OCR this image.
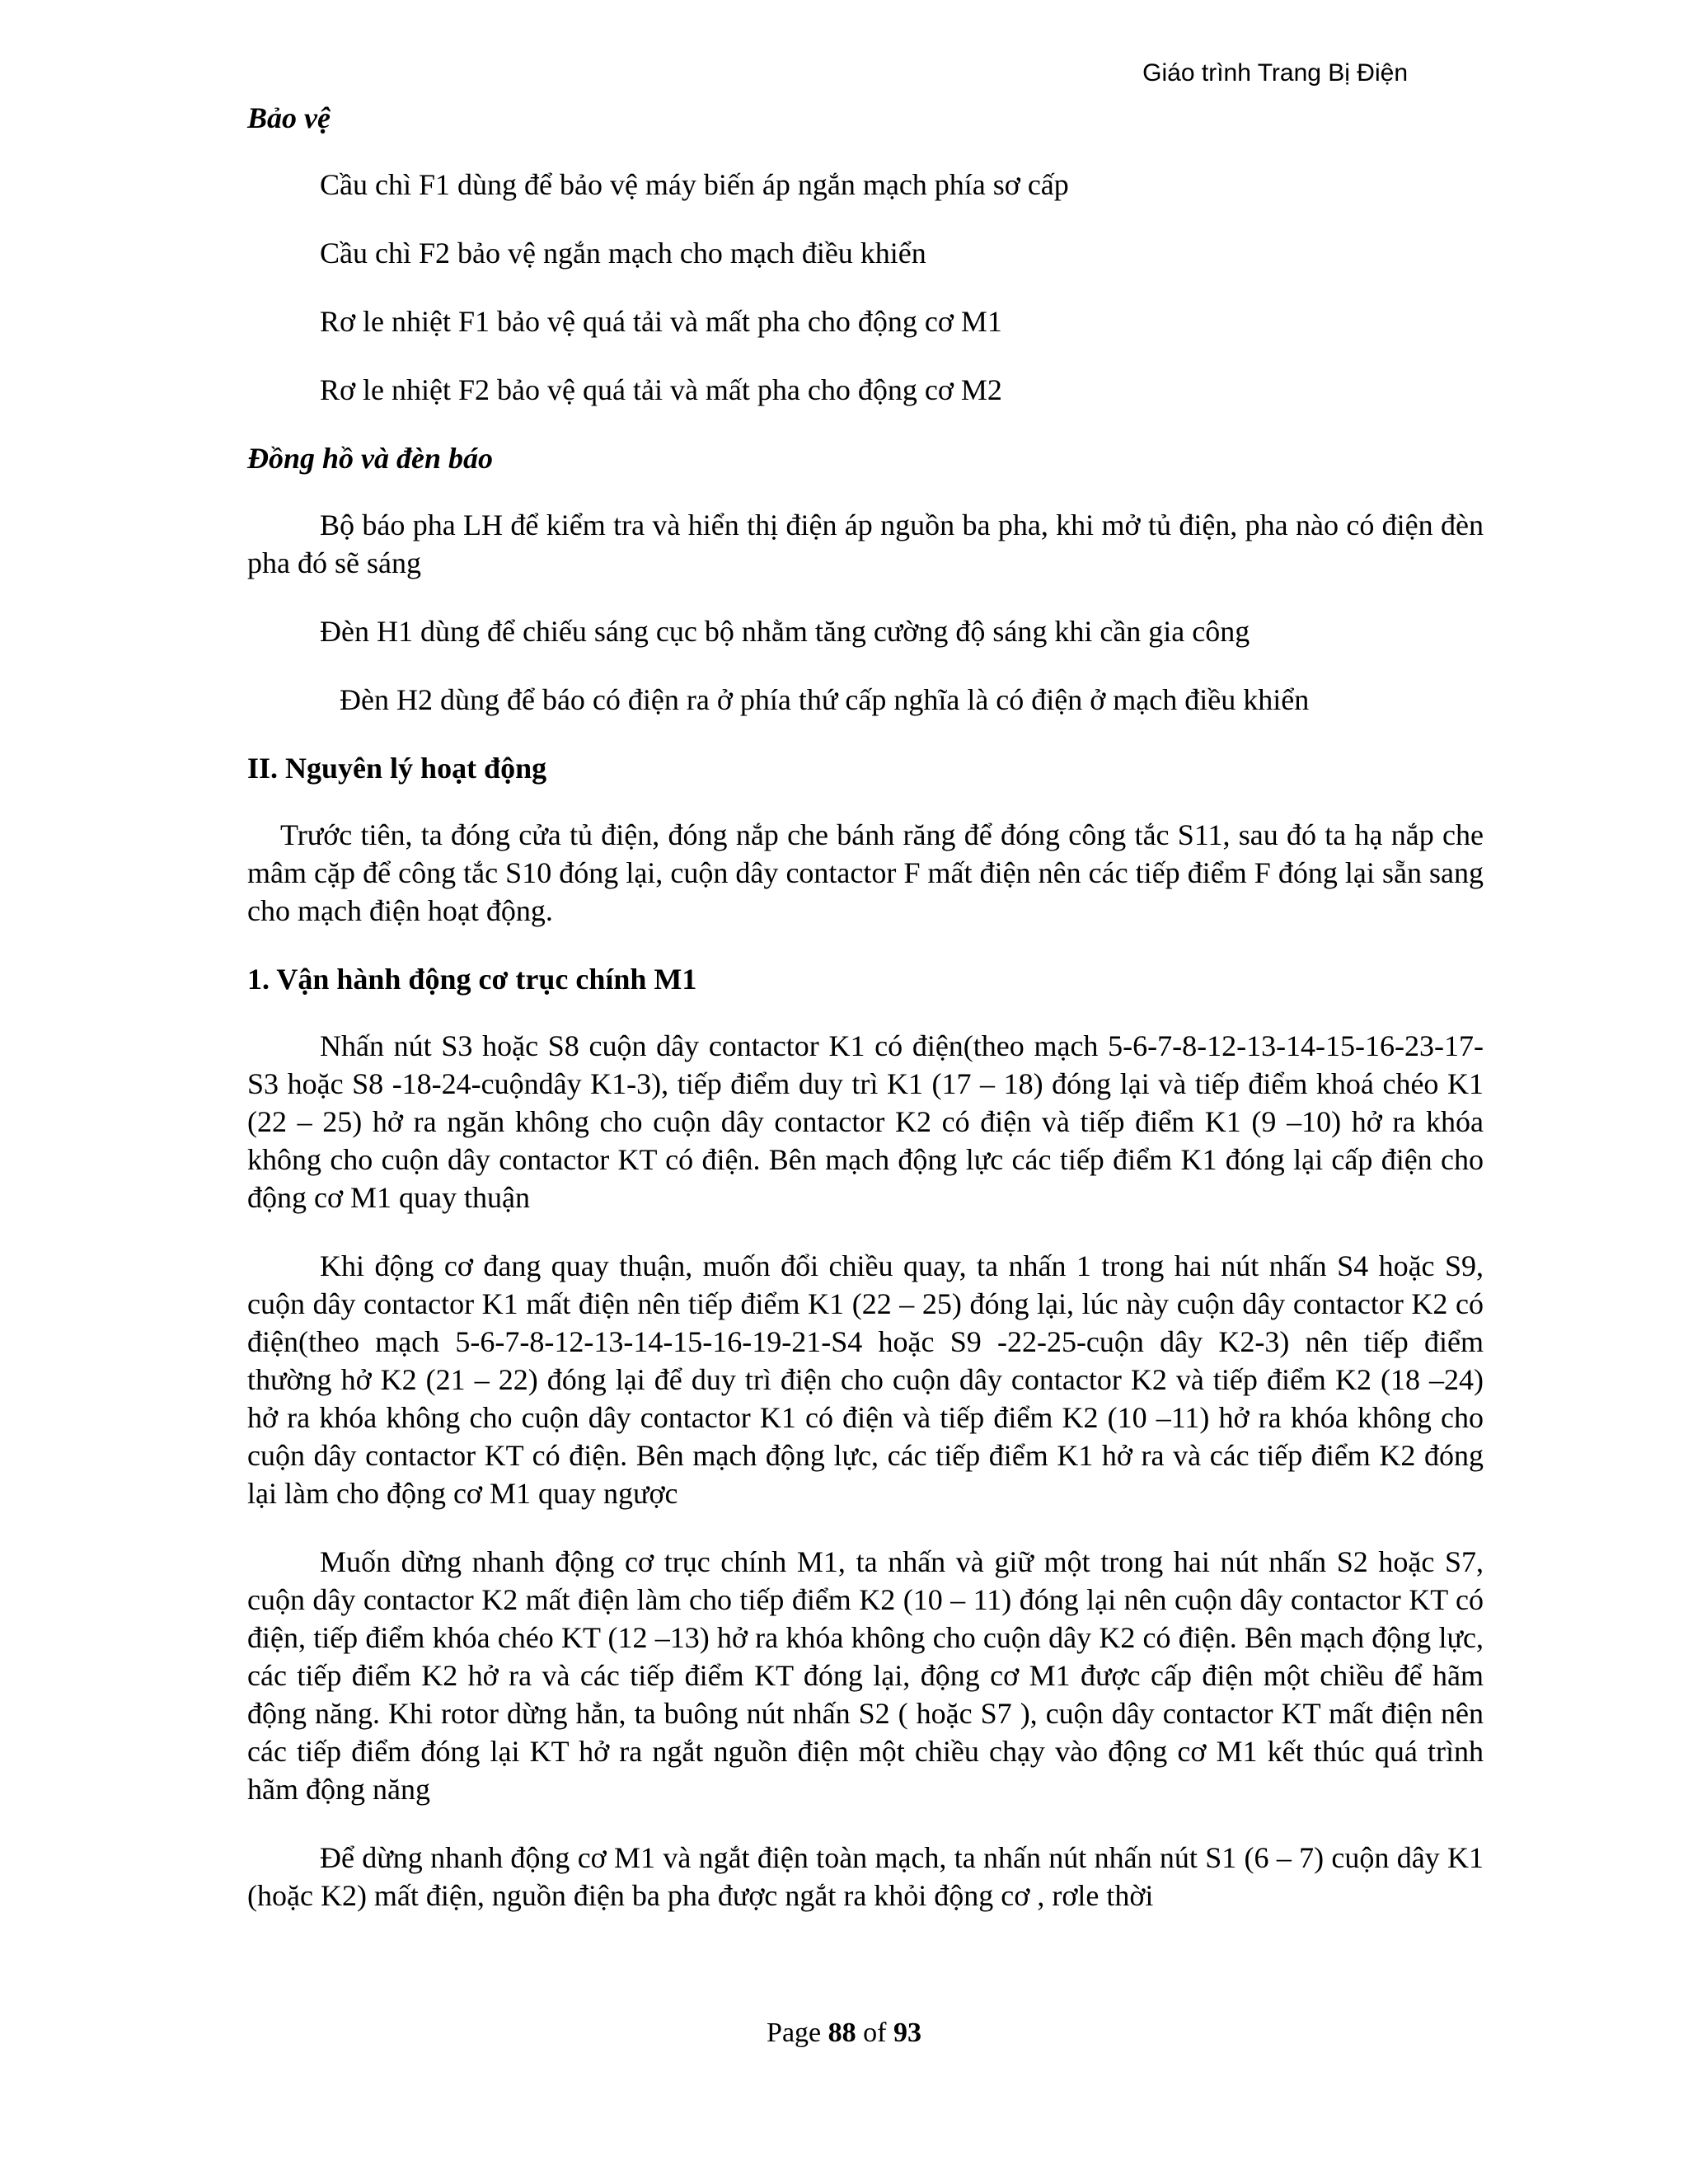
Giáo trình Trang Bị Điện

Bảo vệ

Cầu chì F1 dùng để bảo vệ máy biến áp ngắn mạch phía sơ cấp

Cầu chì F2 bảo vệ ngắn mạch cho mạch điều khiển

Rơ le nhiệt F1 bảo vệ quá tải và mất pha cho động cơ M1

Rơ le nhiệt F2 bảo vệ quá tải và mất pha cho động cơ M2

Đồng hồ và đèn báo

Bộ báo pha LH để kiểm tra và hiển thị điện áp nguồn ba pha, khi mở tủ điện, pha nào có điện đèn pha đó sẽ sáng

Đèn H1 dùng để chiếu sáng cục bộ nhằm tăng cường độ sáng khi cần gia công

Đèn H2 dùng để báo có điện ra ở phía thứ cấp nghĩa là có điện ở mạch điều khiển

II. Nguyên lý hoạt động

Trước tiên, ta đóng cửa tủ điện, đóng nắp che bánh răng để đóng công tắc S11, sau đó ta hạ nắp che mâm cặp để công tắc S10 đóng lại, cuộn dây contactor F mất điện nên các tiếp điểm F đóng lại sẵn sang cho mạch điện hoạt động.

1. Vận hành động cơ trục chính M1

Nhấn nút S3 hoặc S8 cuộn dây contactor K1 có điện(theo mạch 5-6-7-8-12-13-14-15-16-23-17-S3 hoặc S8 -18-24-cuộndây K1-3), tiếp điểm duy trì K1 (17 – 18) đóng lại và tiếp điểm khoá chéo K1 (22 – 25) hở ra ngăn không cho cuộn dây contactor K2 có điện và tiếp điểm K1 (9 –10) hở ra khóa không cho cuộn dây contactor KT có điện. Bên mạch động lực các tiếp điểm K1 đóng lại cấp điện cho động cơ M1 quay thuận

Khi động cơ đang quay thuận, muốn đổi chiều quay, ta nhấn 1 trong hai nút nhấn S4 hoặc S9, cuộn dây contactor K1 mất điện nên tiếp điểm K1 (22 – 25) đóng lại, lúc này cuộn dây contactor K2 có điện(theo mạch 5-6-7-8-12-13-14-15-16-19-21-S4 hoặc S9 -22-25-cuộn dây K2-3) nên tiếp điểm thường hở K2 (21 – 22) đóng lại để duy trì điện cho cuộn dây contactor K2 và tiếp điểm K2 (18 –24) hở ra khóa không cho cuộn dây contactor K1 có điện và tiếp điểm K2 (10 –11) hở ra khóa không cho cuộn dây contactor KT có điện. Bên mạch động lực, các tiếp điểm K1 hở ra và các tiếp điểm K2 đóng lại làm cho động cơ M1 quay ngược

Muốn dừng nhanh động cơ trục chính M1, ta nhấn và giữ một trong hai nút nhấn S2 hoặc S7, cuộn dây contactor K2 mất điện làm cho tiếp điểm K2 (10 – 11) đóng lại nên cuộn dây contactor KT có điện, tiếp điểm khóa chéo KT (12 –13) hở ra khóa không cho cuộn dây K2 có điện. Bên mạch động lực, các tiếp điểm K2 hở ra và các tiếp điểm KT đóng lại, động cơ M1 được cấp điện một chiều để hãm động năng. Khi rotor dừng hẳn, ta buông nút nhấn S2 ( hoặc S7 ), cuộn dây contactor KT mất điện nên các tiếp điểm đóng lại KT hở ra ngắt nguồn điện một chiều chạy vào động cơ M1 kết thúc quá trình hãm động năng

Để dừng nhanh động cơ M1 và ngắt điện toàn mạch, ta nhấn nút nhấn nút S1 (6 – 7) cuộn dây K1 (hoặc K2) mất điện, nguồn điện ba pha được ngắt ra khỏi động cơ , rơle thời

Page 88 of 93
